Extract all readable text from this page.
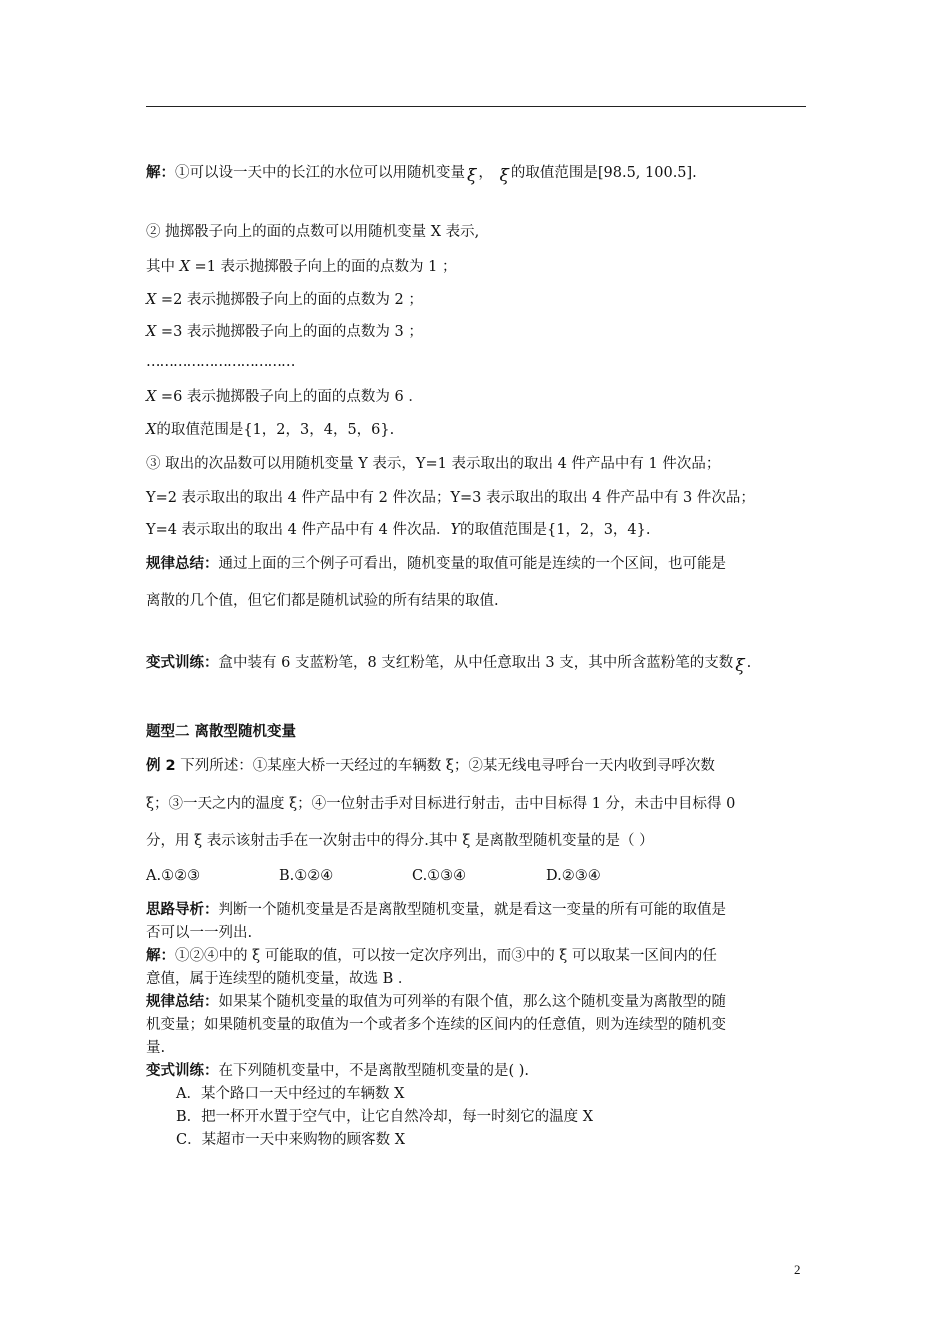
解：①可以设一天中的长江的水位可以用随机变量 ξ ， ξ 的取值范围是[98.5, 100.5].
② 抛掷骰子向上的面的点数可以用随机变量 X 表示,
其中 X =1 表示抛掷骰子向上的面的点数为 1 ；
X =2 表示抛掷骰子向上的面的点数为 2 ；
X =3 表示抛掷骰子向上的面的点数为 3 ；
……………………………
X =6 表示抛掷骰子向上的面的点数为 6 ．
X的取值范围是{1，2，3，4，5，6}.
③ 取出的次品数可以用随机变量 Y 表示，Y=1 表示取出的取出 4 件产品中有 1 件次品；
Y=2 表示取出的取出 4 件产品中有 2 件次品；Y=3 表示取出的取出 4 件产品中有 3 件次品；
Y=4 表示取出的取出 4 件产品中有 4 件次品．Y的取值范围是{1，2，3，4}.
规律总结：通过上面的三个例子可看出，随机变量的取值可能是连续的一个区间，也可能是
离散的几个值，但它们都是随机试验的所有结果的取值.
变式训练：盒中装有 6 支蓝粉笔，8 支红粉笔，从中任意取出 3 支，其中所含蓝粉笔的支数 ξ .
题型二 离散型随机变量
例 2 下列所述：①某座大桥一天经过的车辆数 ξ；②某无线电寻呼台一天内收到寻呼次数
ξ；③一天之内的温度 ξ；④一位射击手对目标进行射击，击中目标得 1 分，未击中目标得 0
分，用 ξ 表示该射击手在一次射击中的得分.其中 ξ 是离散型随机变量的是（ ）
A.①②③	B.①②④	C.①③④	D.②③④
思路导析：判断一个随机变量是否是离散型随机变量，就是看这一变量的所有可能的取值是
否可以一一列出.
解：①②④中的 ξ 可能取的值，可以按一定次序列出，而③中的 ξ 可以取某一区间内的任
意值，属于连续型的随机变量，故选 B ．
规律总结：如果某个随机变量的取值为可列举的有限个值，那么这个随机变量为离散型的随
机变量；如果随机变量的取值为一个或者多个连续的区间内的任意值，则为连续型的随机变
量.
变式训练：在下列随机变量中，不是离散型随机变量的是( ).
A．某个路口一天中经过的车辆数 X
B．把一杯开水置于空气中，让它自然冷却，每一时刻它的温度 X
C．某超市一天中来购物的顾客数 X
2
